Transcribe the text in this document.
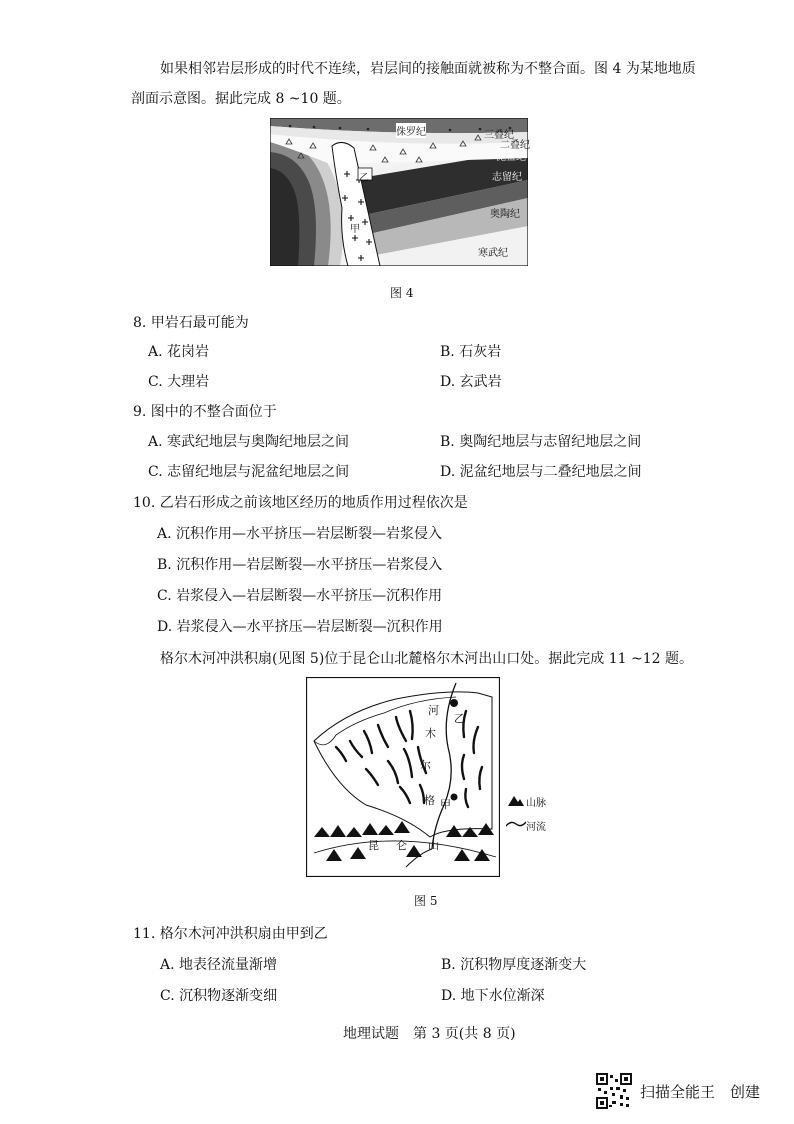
如果相邻岩层形成的时代不连续，岩层间的接触面就被称为不整合面。图 4 为某地地质
剖面示意图。据此完成 8 ~10 题。
侏罗纪	三叠纪
二叠纪
泥盆纪
志留纪
奥陶纪
寒武纪
乙
甲
图 4
8. 甲岩石最可能为
A. 花岗岩	B. 石灰岩
C. 大理岩	D. 玄武岩
9. 图中的不整合面位于
A. 寒武纪地层与奥陶纪地层之间	B. 奥陶纪地层与志留纪地层之间
C. 志留纪地层与泥盆纪地层之间	D. 泥盆纪地层与二叠纪地层之间
10. 乙岩石形成之前该地区经历的地质作用过程依次是
A. 沉积作用—水平挤压—岩层断裂—岩浆侵入
B. 沉积作用—岩层断裂—水平挤压—岩浆侵入
C. 岩浆侵入—岩层断裂—水平挤压—沉积作用
D. 岩浆侵入—水平挤压—岩层断裂—沉积作用
格尔木河冲洪积扇(见图 5)位于昆仑山北麓格尔木河出山口处。据此完成 11 ~12 题。
河
木
尔
格
乙
甲
昆 仑 山
山脉
河流
图 5
11. 格尔木河冲洪积扇由甲到乙
A. 地表径流量渐增	B. 沉积物厚度逐渐变大
C. 沉积物逐渐变细	D. 地下水位渐深
地理试题　第 3 页(共 8 页)
扫描全能王　创建
